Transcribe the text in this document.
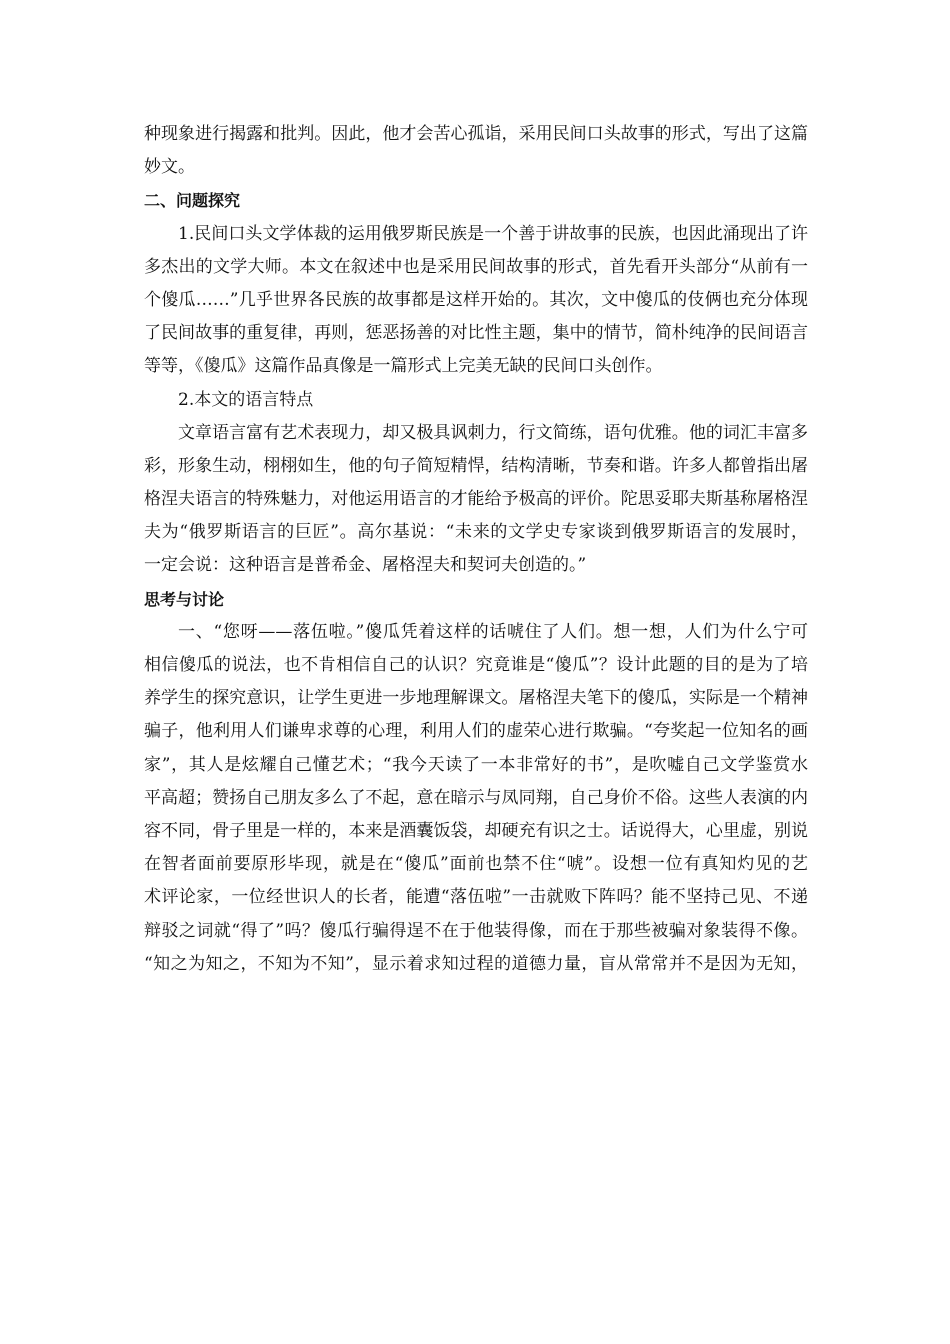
种现象进行揭露和批判。因此，他才会苦心孤诣，采用民间口头故事的形式，写出了这篇
妙文。
二、问题探究
1.民间口头文学体裁的运用俄罗斯民族是一个善于讲故事的民族，也因此涌现出了许
多杰出的文学大师。本文在叙述中也是采用民间故事的形式，首先看开头部分“从前有一
个傻瓜……”几乎世界各民族的故事都是这样开始的。其次，文中傻瓜的伎俩也充分体现
了民间故事的重复律，再则，惩恶扬善的对比性主题，集中的情节，简朴纯净的民间语言
等等，《傻瓜》这篇作品真像是一篇形式上完美无缺的民间口头创作。
2.本文的语言特点
文章语言富有艺术表现力，却又极具讽刺力，行文简练，语句优雅。他的词汇丰富多
彩，形象生动，栩栩如生，他的句子简短精悍，结构清晰，节奏和谐。许多人都曾指出屠
格涅夫语言的特殊魅力，对他运用语言的才能给予极高的评价。陀思妥耶夫斯基称屠格涅
夫为“俄罗斯语言的巨匠”。高尔基说：“未来的文学史专家谈到俄罗斯语言的发展时，
一定会说：这种语言是普希金、屠格涅夫和契诃夫创造的。”
思考与讨论
一、“您呀——落伍啦。”傻瓜凭着这样的话唬住了人们。想一想，人们为什么宁可
相信傻瓜的说法，也不肯相信自己的认识？究竟谁是“傻瓜”？设计此题的目的是为了培
养学生的探究意识，让学生更进一步地理解课文。屠格涅夫笔下的傻瓜，实际是一个精神
骗子，他利用人们谦卑求尊的心理，利用人们的虚荣心进行欺骗。“夸奖起一位知名的画
家”，其人是炫耀自己懂艺术；“我今天读了一本非常好的书”，是吹嘘自己文学鉴赏水
平高超；赞扬自己朋友多么了不起，意在暗示与凤同翔，自己身价不俗。这些人表演的内
容不同，骨子里是一样的，本来是酒囊饭袋，却硬充有识之士。话说得大，心里虚，别说
在智者面前要原形毕现，就是在“傻瓜”面前也禁不住“唬”。设想一位有真知灼见的艺
术评论家，一位经世识人的长者，能遭“落伍啦”一击就败下阵吗？能不坚持己见、不递
辩驳之词就“得了”吗？傻瓜行骗得逞不在于他装得像，而在于那些被骗对象装得不像。
“知之为知之，不知为不知”，显示着求知过程的道德力量，盲从常常并不是因为无知，
